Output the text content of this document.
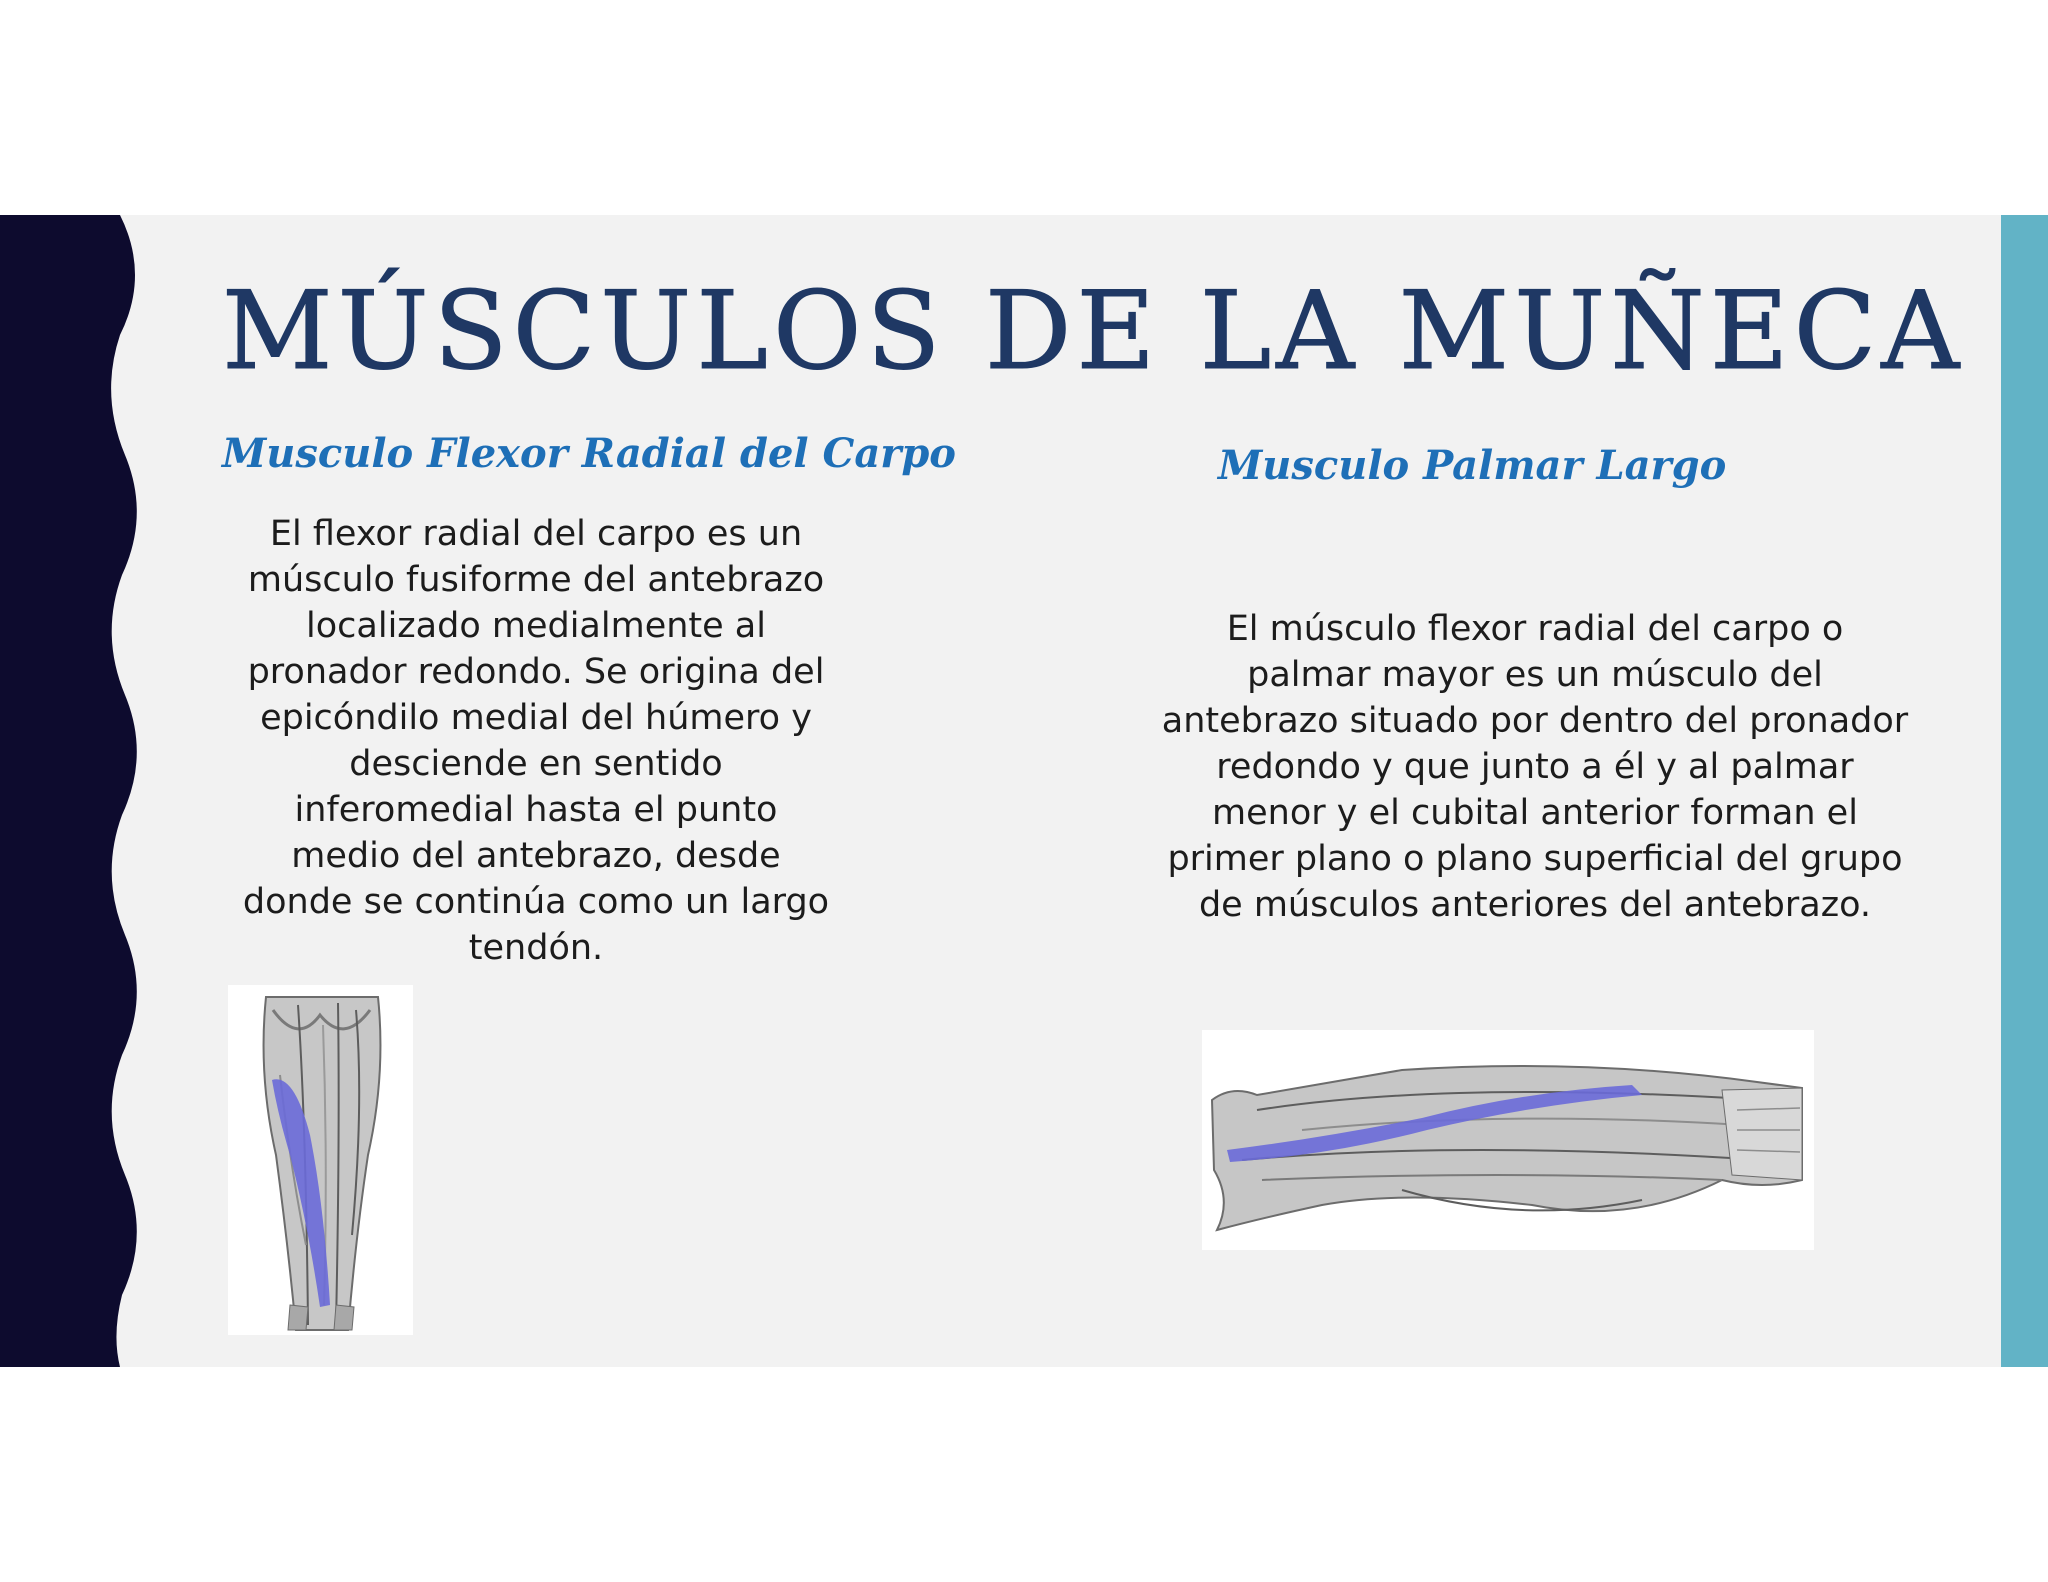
MÚSCULOS DE LA MUÑECA
Musculo Flexor Radial del Carpo

El flexor radial del carpo es un músculo fusiforme del antebrazo localizado medialmente al pronador redondo. Se origina del epicóndilo medial del húmero y desciende en sentido inferomedial hasta el punto medio del antebrazo, desde donde se continúa como un largo tendón.

Musculo Palmar Largo

El músculo flexor radial del carpo o palmar mayor es un músculo del antebrazo situado por dentro del pronador redondo y que junto a él y al palmar menor y el cubital anterior forman el primer plano o plano superficial del grupo de músculos anteriores del antebrazo.
